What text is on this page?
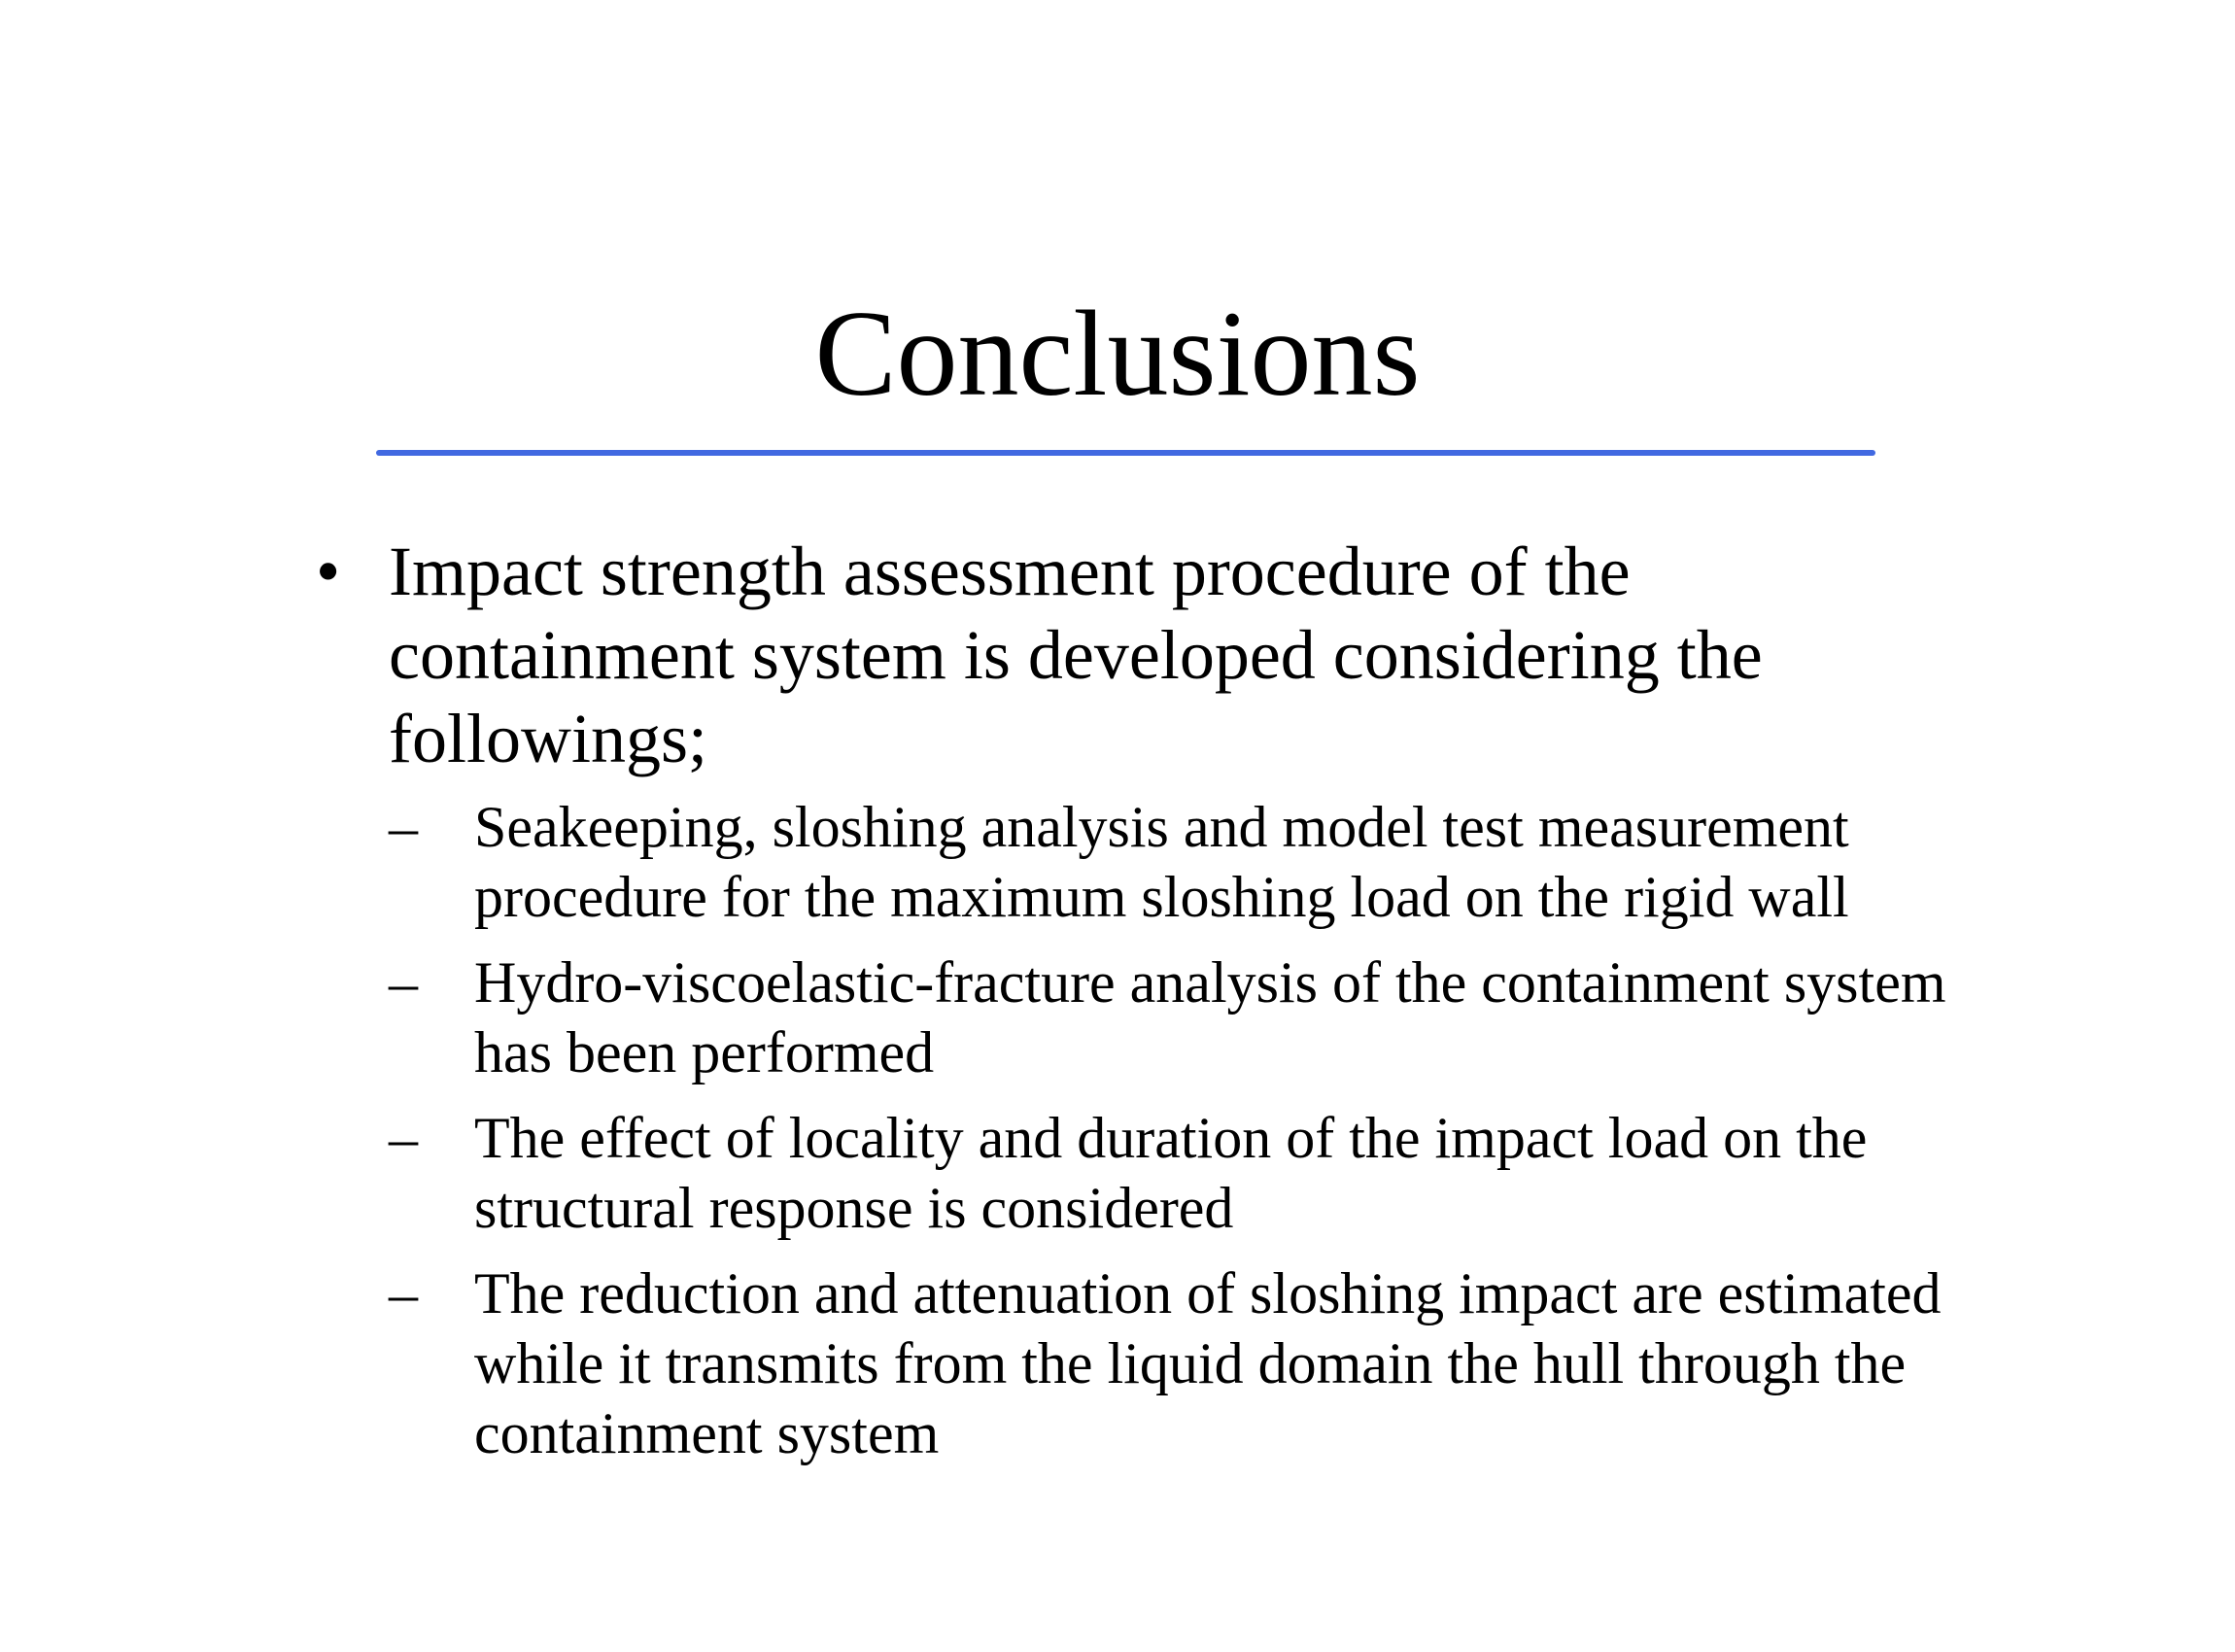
Conclusions
• Impact strength assessment procedure of the containment system is developed considering the followings;
– Seakeeping, sloshing analysis and model test measurement procedure for the maximum sloshing load on the rigid wall
– Hydro-viscoelastic-fracture analysis of the containment system has been performed
– The effect of locality and duration of the impact load on the structural response is considered
– The reduction and attenuation of sloshing impact are estimated while it transmits from the liquid domain the hull through the containment system
